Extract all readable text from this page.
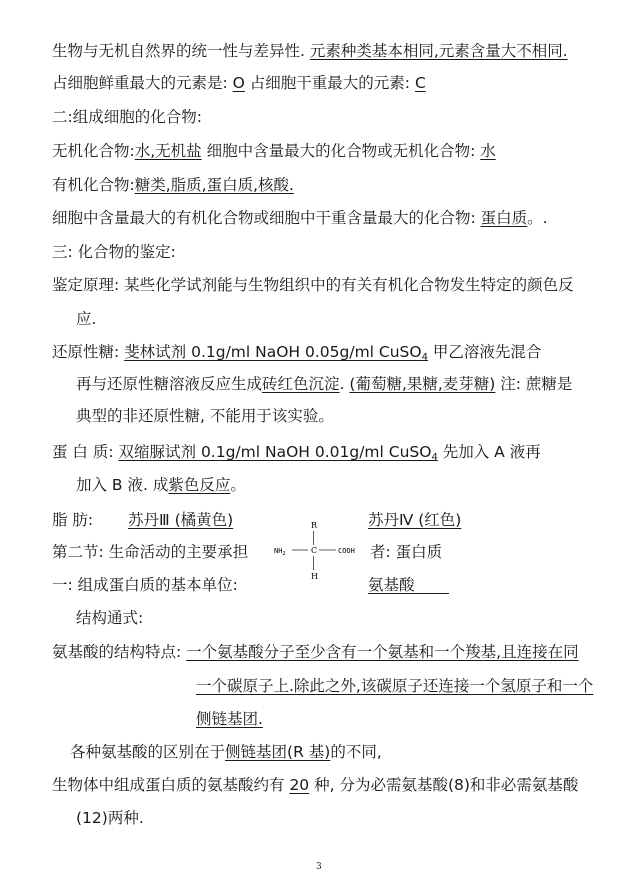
生物与无机自然界的统一性与差异性. 元素种类基本相同,元素含量大不相同.
占细胞鲜重最大的元素是: O 占细胞干重最大的元素: C
二:组成细胞的化合物:
无机化合物:水,无机盐 细胞中含量最大的化合物或无机化合物: 水
有机化合物:糖类,脂质,蛋白质,核酸.
细胞中含量最大的有机化合物或细胞中干重含量最大的化合物: 蛋白质。.
三: 化合物的鉴定:
鉴定原理: 某些化学试剂能与生物组织中的有关有机化合物发生特定的颜色反
应.
还原性糖: 斐林试剂 0.1g/ml NaOH 0.05g/ml CuSO$_4$ 甲乙溶液先混合
再与还原性糖溶液反应生成砖红色沉淀. (葡萄糖,果糖,麦芽糖) 注: 蔗糖是
典型的非还原性糖, 不能用于该实验。
蛋 白 质: 双缩脲试剂 0.1g/ml NaOH 0.01g/ml CuSO$_4$ 先加入 A 液再
加入 B 液. 成紫色反应。
脂 肪: 苏丹Ⅲ (橘黄色)	苏丹Ⅳ (红色)
第二节: 生命活动的主要承担	者: 蛋白质
一: 组成蛋白质的基本单位:	氨基酸
结构通式:
氨基酸的结构特点: 一个氨基酸分子至少含有一个氨基和一个羧基,且连接在同
一个碳原子上.除此之外,该碳原子还连接一个氢原子和一个
侧链基团.
各种氨基酸的区别在于侧链基团(R 基)的不同,
生物体中组成蛋白质的氨基酸约有 20 种, 分为必需氨基酸(8)和非必需氨基酸
(12)两种.
R
$NH_2$	C	COOH
H
3
